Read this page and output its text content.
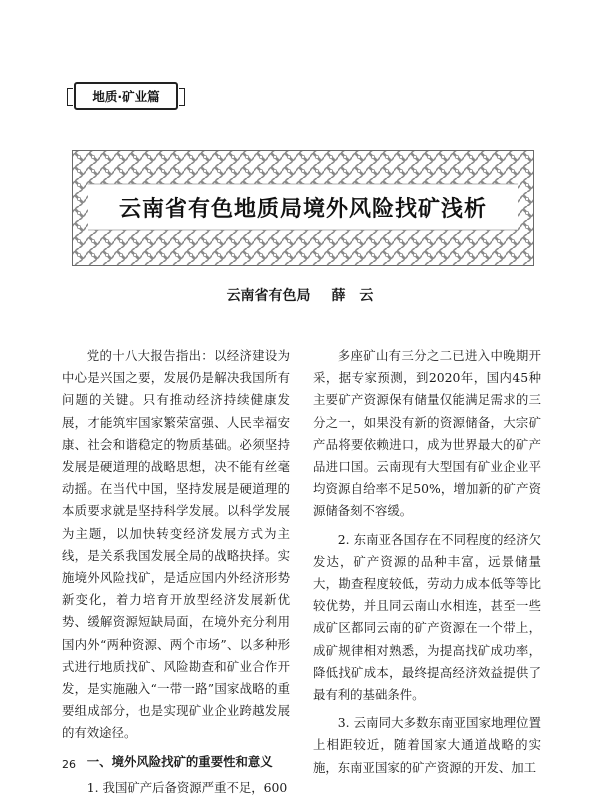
地质·矿业篇
云南省有色地质局境外风险找矿浅析
云南省有色局 薛　云

党的十八大报告指出：以经济建设为中心是兴国之要，发展仍是解决我国所有问题的关键。只有推动经济持续健康发展，才能筑牢国家繁荣富强、人民幸福安康、社会和谐稳定的物质基础。必须坚持发展是硬道理的战略思想，决不能有丝毫动摇。在当代中国，坚持发展是硬道理的本质要求就是坚持科学发展。以科学发展为主题，以加快转变经济发展方式为主线，是关系我国发展全局的战略抉择。实施境外风险找矿，是适应国内外经济形势新变化，着力培育开放型经济发展新优势、缓解资源短缺局面，在境外充分利用国内外“两种资源、两个市场”、以多种形式进行地质找矿、风险勘查和矿业合作开发，是实施融入“一带一路”国家战略的重要组成部分，也是实现矿业企业跨越发展的有效途径。

一、境外风险找矿的重要性和意义

1. 我国矿产后备资源严重不足，600

多座矿山有三分之二已进入中晚期开采，据专家预测，到2020年，国内45种主要矿产资源保有储量仅能满足需求的三分之一，如果没有新的资源储备，大宗矿产品将要依赖进口，成为世界最大的矿产品进口国。云南现有大型国有矿业企业平均资源自给率不足50%，增加新的矿产资源储备刻不容缓。

2. 东南亚各国存在不同程度的经济欠发达，矿产资源的品种丰富，远景储量大，勘查程度较低，劳动力成本低等等比较优势，并且同云南山水相连，甚至一些成矿区都同云南的矿产资源在一个带上，成矿规律相对熟悉，为提高找矿成功率，降低找矿成本，最终提高经济效益提供了最有利的基础条件。

3. 云南同大多数东南亚国家地理位置上相距较近，随着国家大通道战略的实施，东南亚国家的矿产资源的开发、加工

26
